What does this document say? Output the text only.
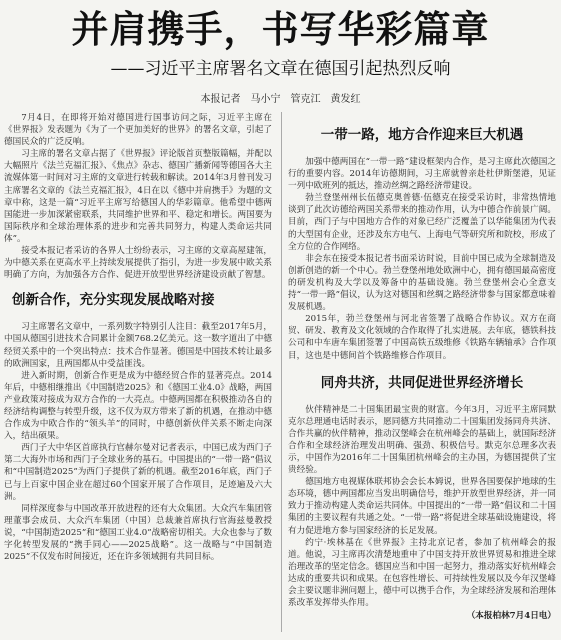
并肩携手，书写华彩篇章
——习近平主席署名文章在德国引起热烈反响
本报记者　马小宁　管克江　黄发红

7月4日，在即将开始对德国进行国事访问之际，习近平主席在《世界报》发表题为《为了一个更加美好的世界》的署名文章，引起了德国民众的广泛反响。

习主席的署名文章占据了《世界报》评论版首页整版篇幅，并配以大幅照片《法兰克福汇报》、《焦点》杂志、德国广播新闻等德国各大主流媒体第一时间对习主席的文章进行转载和解读。2014年3月曾刊发习主席署名文章的《法兰克福汇报》，4日在以《德中并肩携手》为题的文章中称，这是一篇“习近平主席写给德国人的华彩篇章。他希望中德两国能进一步加深紧密联系，共同维护世界和平、稳定和增长。两国要为国际秩序和全球治理体系的进步和完善共同努力，构建人类命运共同体”。

接受本报记者采访的各界人士纷纷表示，习主席的文章高屋建瓴，为中德关系在更高水平上持续发展提供了指引，为进一步发展中欧关系明确了方向，为加强各方合作、促进开放型世界经济建设贡献了智慧。

创新合作，充分实现发展战略对接

习主席署名文章中，一系列数字特别引人注目：截至2017年5月，中国从德国引进技术合同累计金额768.2亿美元。这一数字道出了中德经贸关系中的一个突出特点：技术合作显著。德国是中国技术转让最多的欧洲国家，且两国都从中受益匪浅。

进入新时期，创新合作更是成为中德经贸合作的显著亮点。2014年后，中德相继推出《中国制造2025》和《德国工业4.0》战略，两国产业政策对接成为双方合作的一大亮点。中德两国都在积极推动各自的经济结构调整与转型升级，这不仅为双方带来了新的机遇，在推动中德合作成为中欧合作的“领头羊”的同时，中德创新伙伴关系不断走向深入，结出硕果。

西门子大中华区首席执行官赫尔曼对记者表示，中国已成为西门子第二大海外市场和西门子全球业务的基石。中国提出的“一带一路”倡议和“中国制造2025”为西门子提供了新的机遇。截至2016年底，西门子已与上百家中国企业在超过60个国家开展了合作项目，足迹遍及六大洲。

同样深度参与中国改革开放进程的还有大众集团。大众汽车集团管理董事会成员、大众汽车集团（中国）总裁兼首席执行官海兹曼教授说，“中国制造2025”和“德国工业4.0”战略密切相关。大众也参与了数字化转型发展的“携手同心——2025战略”。这一战略与“中国制造2025”不仅发布时间接近，还在许多领域拥有共同目标。

一带一路，地方合作迎来巨大机遇

加强中德两国在“一带一路”建设框架内合作，是习主席此次德国之行的重要内容。2014年访德期间，习主席就曾亲赴杜伊斯堡港，见证一列中欧班列的抵达，推动丝绸之路经济带建设。

勃兰登堡州州长伍德克奥普德·伍德克在接受采访时，非常热情地谈到了此次访德给两国关系带来的推动作用，认为中德合作前景广阔。目前，西门子与中国地方合作的对象已经广泛覆盖了以华能集团为代表的大型国有企业，还涉及东方电气、上海电气等研究所和院校，形成了全方位的合作网络。

非会东在接受本报记者书面采访时说，目前中国已成为全球制造及创新创造的新一个中心。勃兰登堡州地处欧洲中心，拥有德国最高密度的研发机构及大学以及筹备中的基础设施。勃兰登堡州会心全意支持“一带一路”倡议，认为这对德国和丝绸之路经济带参与国家都意味着发展机遇。

2015年，勃兰登堡州与河北省签署了战略合作协议。双方在商贸、研发、教育及文化领域的合作取得了扎实进展。去年底，德铁科技公司和中车唐车集团签署了中国高铁五级维修《铁路车辆轴承》合作项目，这也是中德间首个铁路维修合作项目。

同舟共济，共同促进世界经济增长

伙伴精神是二十国集团最宝贵的财富。今年3月，习近平主席同默克尔总理通电话时表示，愿同德方共同推动二十国集团发扬同舟共济、合作共赢的伙伴精神，推动汉堡峰会在杭州峰会的基础上，就国际经济合作和全球经济治理发出明确、强劲、积极信号。默克尔总理多次表示，中国作为2016年二十国集团杭州峰会的主办国，为德国提供了宝贵经验。

德国地方电视媒体联邦协会会长本姆说，世界各国要保护地球的生态环境，德中两国都应当发出明确信号，维护开放型世界经济，并一同致力于推动构建人类命运共同体。中国提出的“一带一路”倡议和二十国集团的主要议程有共通之处。“一带一路”将促进全球基础设施建设，将有力促进地方参与国家经济的长足发展。

约宁·埃林基在《世界报》主持北京记者，参加了杭州峰会的报道。他说，习主席再次清楚地重申了中国支持开放世界贸易和推进全球治理改革的坚定信念。德国应当和中国一起努力，推动落实好杭州峰会达成的重要共识和成果。在包容性增长、可持续性发展以及今年汉堡峰会主要议题非洲问题上，德中可以携手合作，为全球经济发展和治理体系改革发挥带头作用。

（本报柏林7月4日电）
